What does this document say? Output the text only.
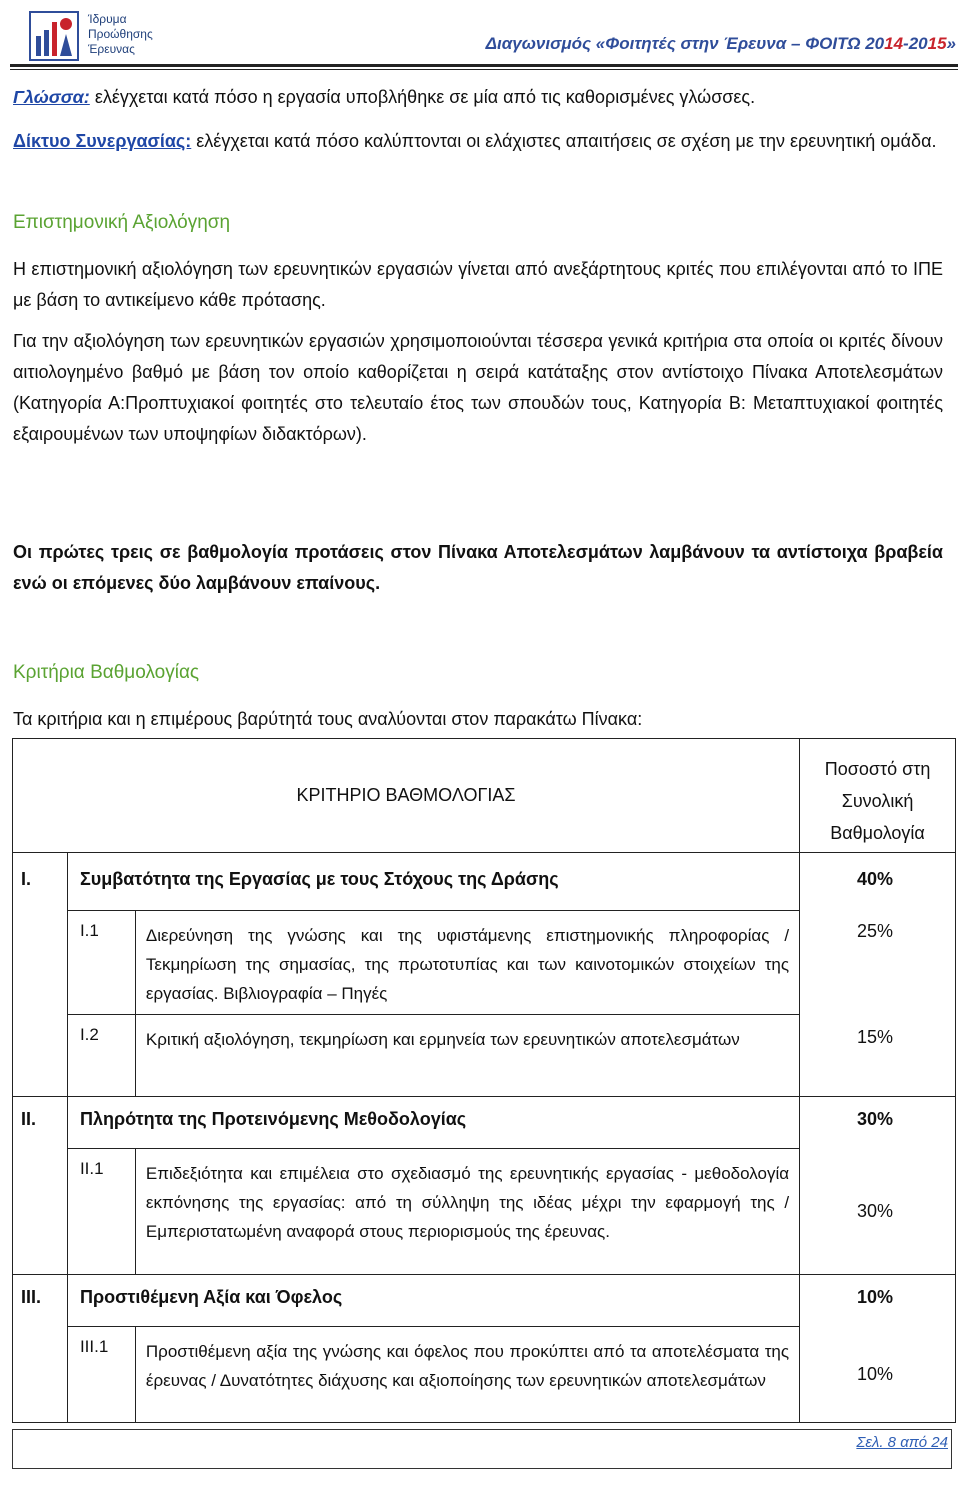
Ίδρυμα
Προώθησης
Έρευνας	Διαγωνισμός «Φοιτητές στην Έρευνα – ΦΟΙΤΩ 2014-2015»
Γλώσσα: ελέγχεται κατά πόσο η εργασία υποβλήθηκε σε μία από τις καθορισμένες γλώσσες.
Δίκτυο Συνεργασίας: ελέγχεται κατά πόσο καλύπτονται οι ελάχιστες απαιτήσεις σε σχέση με την ερευνητική ομάδα.
Επιστημονική Αξιολόγηση
Η επιστημονική αξιολόγηση των ερευνητικών εργασιών γίνεται από ανεξάρτητους κριτές που επιλέγονται από το ΙΠΕ με βάση το αντικείμενο κάθε πρότασης.
Για την αξιολόγηση των ερευνητικών εργασιών χρησιμοποιούνται τέσσερα γενικά κριτήρια στα οποία οι κριτές δίνουν αιτιολογημένο βαθμό με βάση τον οποίο καθορίζεται η σειρά κατάταξης στον αντίστοιχο Πίνακα Αποτελεσμάτων (Κατηγορία Α:Προπτυχιακοί φοιτητές στο τελευταίο έτος των σπουδών τους, Κατηγορία Β: Μεταπτυχιακοί φοιτητές εξαιρουμένων των υποψηφίων διδακτόρων).
Οι πρώτες τρεις σε βαθμολογία προτάσεις στον Πίνακα Αποτελεσμάτων λαμβάνουν τα αντίστοιχα βραβεία ενώ οι επόμενες δύο λαμβάνουν επαίνους.
Κριτήρια Βαθμολογίας
Τα κριτήρια και η επιμέρους βαρύτητά τους αναλύονται στον παρακάτω Πίνακα:
ΚΡΙΤΗΡΙΟ ΒΑΘΜΟΛΟΓΙΑΣ			Ποσοστό στη
Συνολική
Βαθμολογία

I.	Συμβατότητα της Εργασίας με τους Στόχους της Δράσης		40%
	I.1	Διερεύνηση της γνώσης και της υφιστάμενης επιστημονικής πληροφορίας / Τεκμηρίωση της σημασίας, της πρωτοτυπίας και των καινοτομικών στοιχείων της εργασίας. Βιβλιογραφία – Πηγές	25%
	I.2	Κριτική αξιολόγηση, τεκμηρίωση και ερμηνεία των ερευνητικών αποτελεσμάτων	15%
II.	Πληρότητα της Προτεινόμενης Μεθοδολογίας		30%
	II.1	Επιδεξιότητα και επιμέλεια στο σχεδιασμό της ερευνητικής εργασίας - μεθοδολογία εκπόνησης της εργασίας: από τη σύλληψη της ιδέας μέχρι την εφαρμογή της / Εμπεριστατωμένη αναφορά στους περιορισμούς της έρευνας.	30%
III.	Προστιθέμενη Αξία και Όφελος		10%
	III.1	Προστιθέμενη αξία της γνώσης και όφελος που προκύπτει από τα αποτελέσματα της έρευνας / Δυνατότητες διάχυσης και αξιοποίησης των ερευνητικών αποτελεσμάτων	10%
Σελ. 8 από 24
